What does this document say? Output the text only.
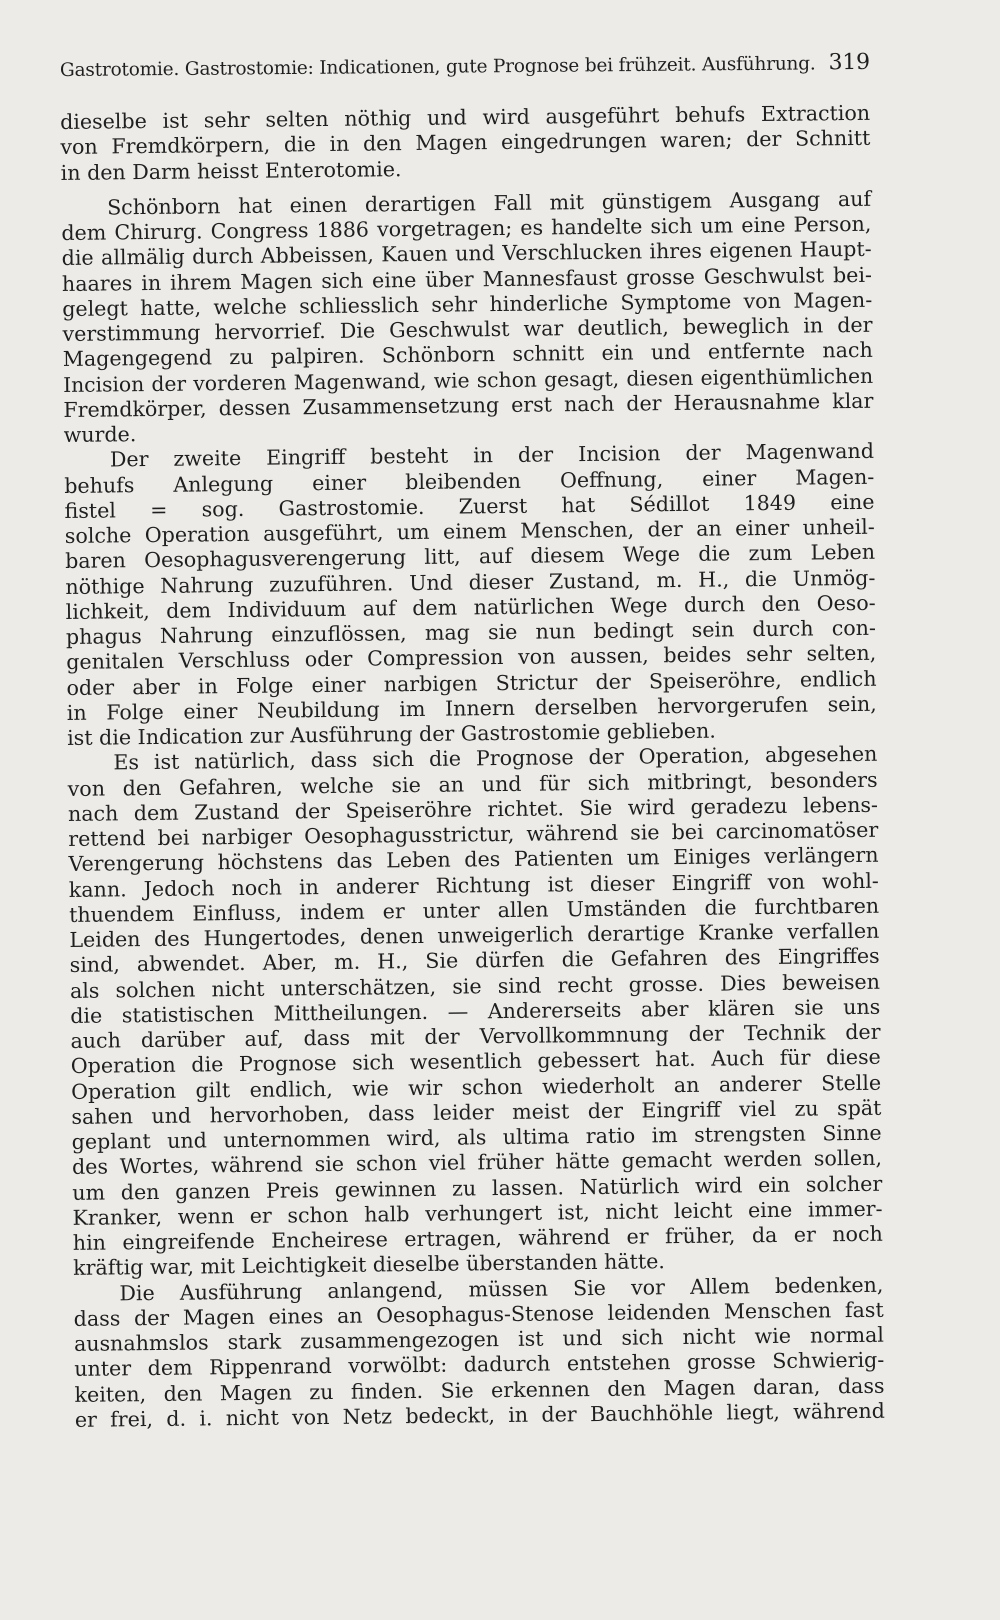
Gastrotomie. Gastrostomie: Indicationen, gute Prognose bei frühzeit. Ausführung. 319
dieselbe ist sehr selten nöthig und wird ausgeführt behufs Extraction
von Fremdkörpern, die in den Magen eingedrungen waren; der Schnitt
in den Darm heisst Enterotomie.
Schönborn hat einen derartigen Fall mit günstigem Ausgang auf
dem Chirurg. Congress 1886 vorgetragen; es handelte sich um eine Person,
die allmälig durch Abbeissen, Kauen und Verschlucken ihres eigenen Haupt-
haares in ihrem Magen sich eine über Mannesfaust grosse Geschwulst bei-
gelegt hatte, welche schliesslich sehr hinderliche Symptome von Magen-
verstimmung hervorrief. Die Geschwulst war deutlich, beweglich in der
Magengegend zu palpiren. Schönborn schnitt ein und entfernte nach
Incision der vorderen Magenwand, wie schon gesagt, diesen eigenthümlichen
Fremdkörper, dessen Zusammensetzung erst nach der Herausnahme klar
wurde.
Der zweite Eingriff besteht in der Incision der Magenwand
behufs Anlegung einer bleibenden Oeffnung, einer Magen-
fistel = sog. Gastrostomie. Zuerst hat Sédillot 1849 eine
solche Operation ausgeführt, um einem Menschen, der an einer unheil-
baren Oesophagusverengerung litt, auf diesem Wege die zum Leben
nöthige Nahrung zuzuführen. Und dieser Zustand, m. H., die Unmög-
lichkeit, dem Individuum auf dem natürlichen Wege durch den Oeso-
phagus Nahrung einzuflössen, mag sie nun bedingt sein durch con-
genitalen Verschluss oder Compression von aussen, beides sehr selten,
oder aber in Folge einer narbigen Strictur der Speiseröhre, endlich
in Folge einer Neubildung im Innern derselben hervorgerufen sein,
ist die Indication zur Ausführung der Gastrostomie geblieben.
Es ist natürlich, dass sich die Prognose der Operation, abgesehen
von den Gefahren, welche sie an und für sich mitbringt, besonders
nach dem Zustand der Speiseröhre richtet. Sie wird geradezu lebens-
rettend bei narbiger Oesophagusstrictur, während sie bei carcinomatöser
Verengerung höchstens das Leben des Patienten um Einiges verlängern
kann. Jedoch noch in anderer Richtung ist dieser Eingriff von wohl-
thuendem Einfluss, indem er unter allen Umständen die furchtbaren
Leiden des Hungertodes, denen unweigerlich derartige Kranke verfallen
sind, abwendet. Aber, m. H., Sie dürfen die Gefahren des Eingriffes
als solchen nicht unterschätzen, sie sind recht grosse. Dies beweisen
die statistischen Mittheilungen. — Andererseits aber klären sie uns
auch darüber auf, dass mit der Vervollkommnung der Technik der
Operation die Prognose sich wesentlich gebessert hat. Auch für diese
Operation gilt endlich, wie wir schon wiederholt an anderer Stelle
sahen und hervorhoben, dass leider meist der Eingriff viel zu spät
geplant und unternommen wird, als ultima ratio im strengsten Sinne
des Wortes, während sie schon viel früher hätte gemacht werden sollen,
um den ganzen Preis gewinnen zu lassen. Natürlich wird ein solcher
Kranker, wenn er schon halb verhungert ist, nicht leicht eine immer-
hin eingreifende Encheirese ertragen, während er früher, da er noch
kräftig war, mit Leichtigkeit dieselbe überstanden hätte.
Die Ausführung anlangend, müssen Sie vor Allem bedenken,
dass der Magen eines an Oesophagus-Stenose leidenden Menschen fast
ausnahmslos stark zusammengezogen ist und sich nicht wie normal
unter dem Rippenrand vorwölbt: dadurch entstehen grosse Schwierig-
keiten, den Magen zu finden. Sie erkennen den Magen daran, dass
er frei, d. i. nicht von Netz bedeckt, in der Bauchhöhle liegt, während
